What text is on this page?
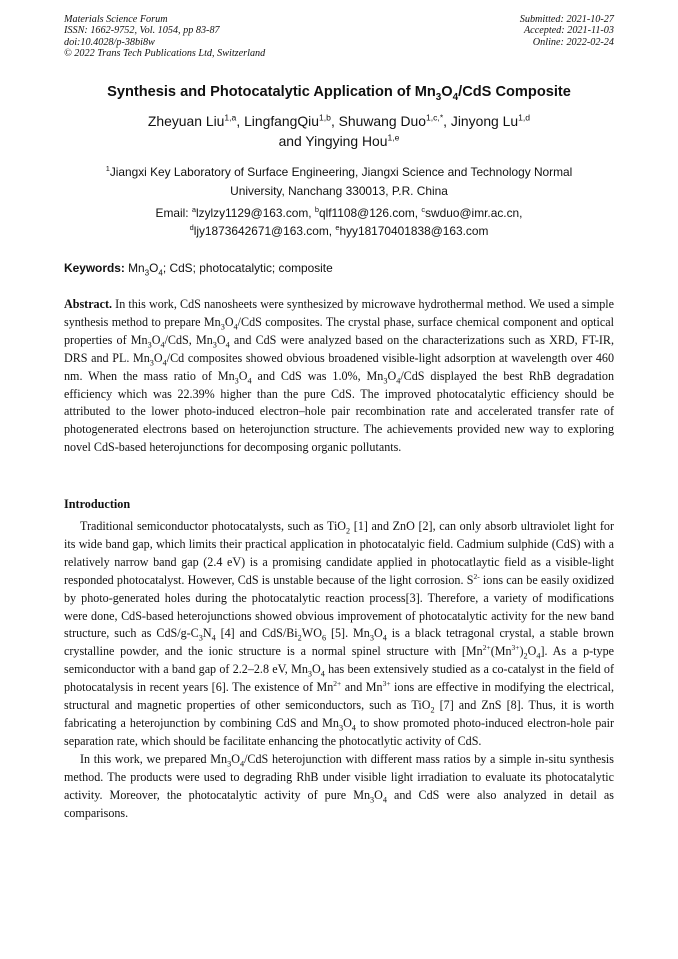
Materials Science Forum
ISSN: 1662-9752, Vol. 1054, pp 83-87
doi:10.4028/p-38bi8w
© 2022 Trans Tech Publications Ltd, Switzerland
Submitted: 2021-10-27
Accepted: 2021-11-03
Online: 2022-02-24
Synthesis and Photocatalytic Application of $Mn_3O_4$/CdS Composite
Zheyuan Liu$^{1,a}$, LingfangQiu$^{1,b}$, Shuwang Duo$^{1,c,*}$, Jinyong Lu$^{1,d}$
and Yingying Hou$^{1,e}$
$^1$Jiangxi Key Laboratory of Surface Engineering, Jiangxi Science and Technology Normal
University, Nanchang 330013, P.R. China
Email: $^a$lzylzy1129@163.com, $^b$qlf1108@126.com, $^c$swduo@imr.ac.cn,
$^d$ljy1873642671@163.com, $^e$hyy18170401838@163.com
Keywords: $Mn_3O_4$; CdS; photocatalytic; composite
Abstract. In this work, CdS nanosheets were synthesized by microwave hydrothermal method. We used a simple synthesis method to prepare $Mn_3O_4$/CdS composites. The crystal phase, surface chemical component and optical properties of $Mn_3O_4$/CdS, $Mn_3O_4$ and CdS were analyzed based on the characterizations such as XRD, FT-IR, DRS and PL. $Mn_3O_4/Cd$ composites showed obvious broadened visible-light adsorption at wavelength over 460 nm. When the mass ratio of $Mn_3O_4$ and CdS was 1.0%, $Mn_3O_4$/CdS displayed the best RhB degradation efficiency which was 22.39% higher than the pure CdS. The improved photocatalytic efficiency should be attributed to the lower photo-induced electron–hole pair recombination rate and accelerated transfer rate of photogenerated electrons based on heterojunction structure. The achievements provided new way to exploring novel CdS-based heterojunctions for decomposing organic pollutants.
Introduction

Traditional semiconductor photocatalysts, such as TiO$_2$ [1] and ZnO [2], can only absorb ultraviolet light for its wide band gap, which limits their practical application in photocatalyic field. Cadmium sulphide (CdS) with a relatively narrow band gap (2.4 eV) is a promising candidate applied in photocatlaytic field as a visible-light responded photocatalyst. However, CdS is unstable because of the light corrosion. $S^{2-}$ ions can be easily oxidized by photo-generated holes during the photocatalytic reaction process[3]. Therefore, a variety of modifications were done, CdS-based heterojunctions showed obvious improvement of photocatalytic activity for the new band structure, such as CdS/$g-C_3N_4$ [4] and CdS/$Bi_2WO_6$ [5]. $Mn_3O_4$ is a black tetragonal crystal, a stable brown crystalline powder, and the ionic structure is a normal spinel structure with $[Mn^{2+}(Mn^{3+})_2O_4]$. As a p-type semiconductor with a band gap of 2.2–2.8 eV, $Mn_3O_4$ has been extensively studied as a co-catalyst in the field of photocatalysis in recent years [6]. The existence of $Mn^{2+}$ and $Mn^{3+}$ ions are effective in modifying the electrical, structural and magnetic properties of other semiconductors, such as TiO$_2$ [7] and ZnS [8]. Thus, it is worth fabricating a heterojunction by combining CdS and $Mn_3O_4$ to show promoted photo-induced electron-hole pair separation rate, which should be facilitate enhancing the photocatlytic activity of CdS.

In this work, we prepared $Mn_3O_4$/CdS heterojunction with different mass ratios by a simple in-situ synthesis method. The products were used to degrading RhB under visible light irradiation to evaluate its photocatalytic activity. Moreover, the photocatalytic activity of pure $Mn_3O_4$ and CdS were also analyzed in detail as comparisons.
